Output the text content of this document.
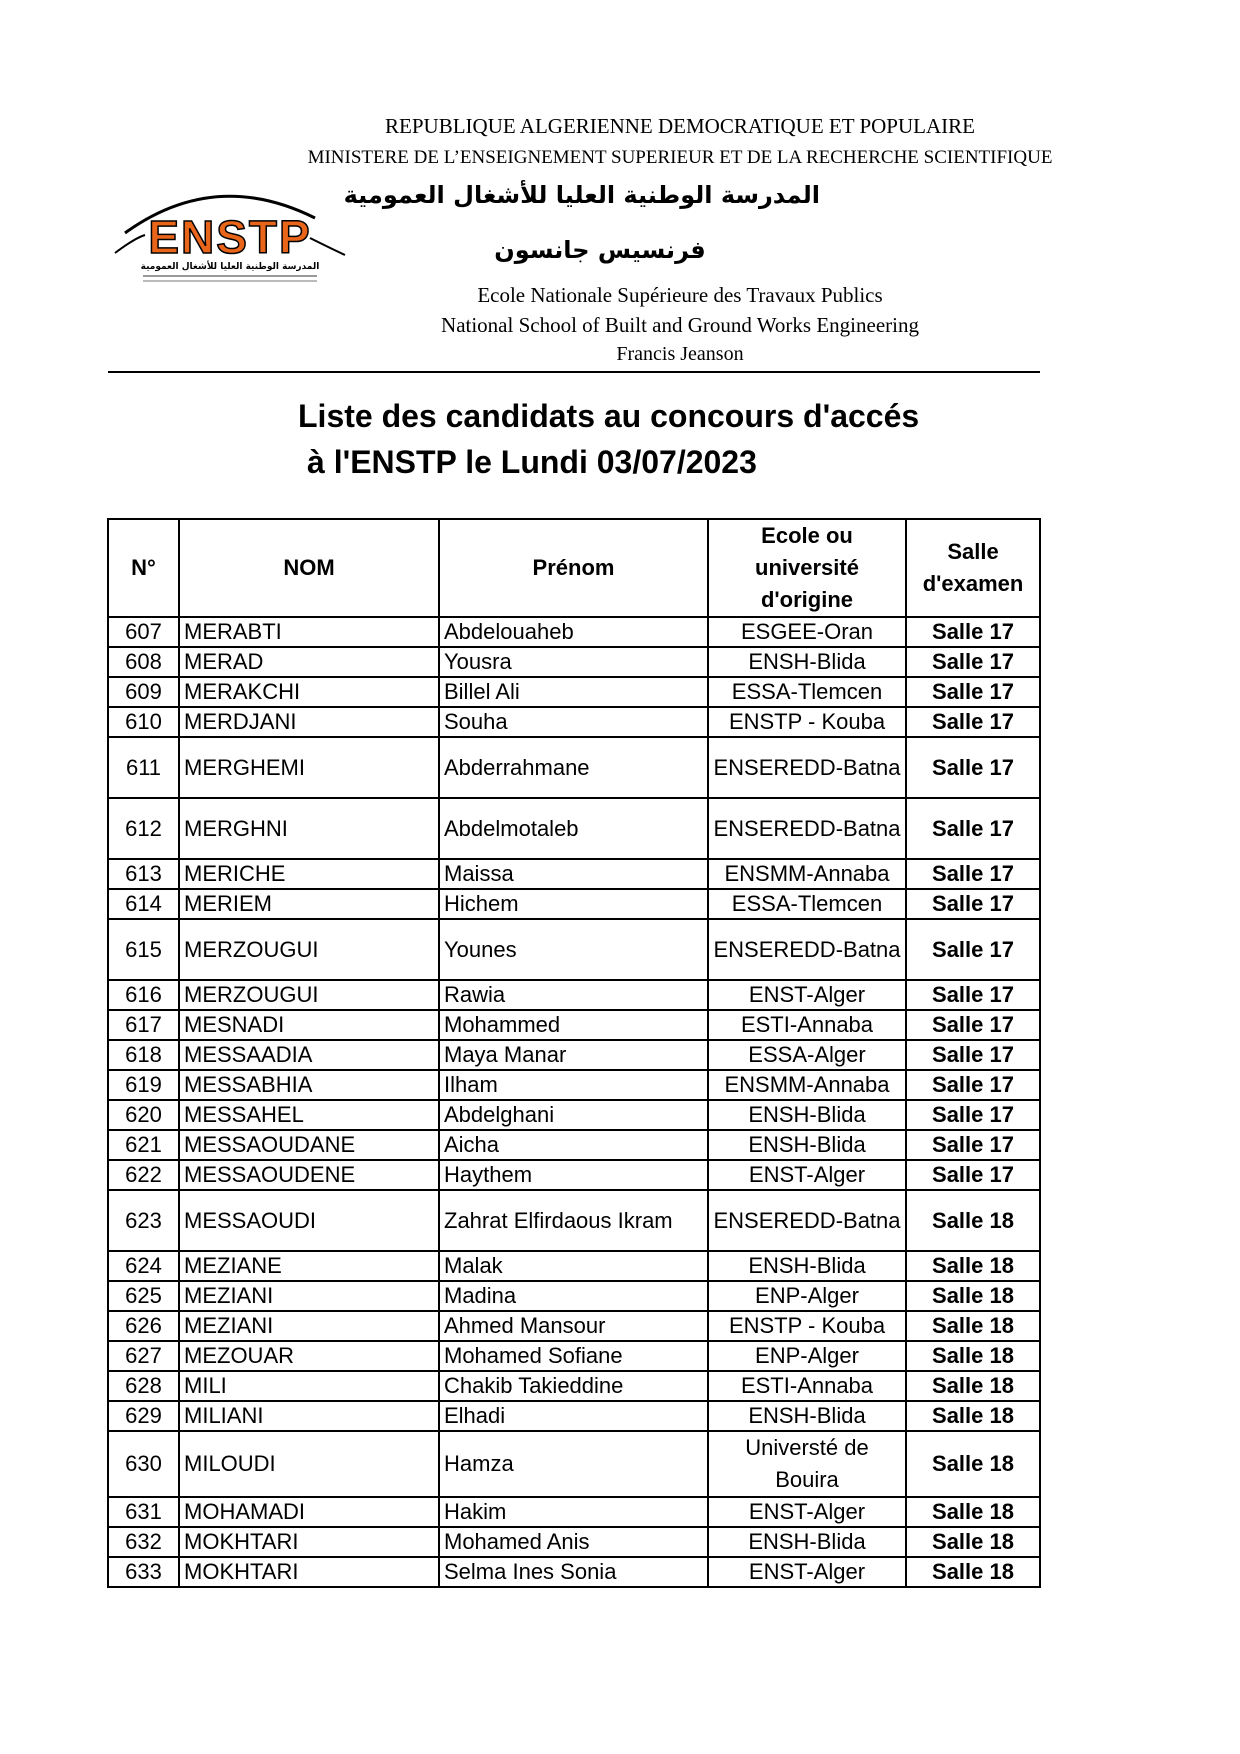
REPUBLIQUE ALGERIENNE DEMOCRATIQUE ET POPULAIRE
MINISTERE DE L’ENSEIGNEMENT SUPERIEUR ET DE LA RECHERCHE SCIENTIFIQUE
المدرسة الوطنية العليا للأشغال العمومية
فرنسيس جانسون
ENSTP
المدرسة الوطنية العليا للأشغال العمومية
Ecole Nationale Supérieure des Travaux Publics
National School of Built and Ground Works Engineering
Francis Jeanson
Liste des candidats au concours d'accés
à l'ENSTP le Lundi 03/07/2023
N°	NOM	Prénom	Ecole ou université d'origine	Salle d'examen
607	MERABTI	Abdelouaheb	ESGEE-Oran	Salle 17
608	MERAD	Yousra	ENSH-Blida	Salle 17
609	MERAKCHI	Billel Ali	ESSA-Tlemcen	Salle 17
610	MERDJANI	Souha	ENSTP - Kouba	Salle 17
611	MERGHEMI	Abderrahmane	ENSEREDD-Batna	Salle 17
612	MERGHNI	Abdelmotaleb	ENSEREDD-Batna	Salle 17
613	MERICHE	Maissa	ENSMM-Annaba	Salle 17
614	MERIEM	Hichem	ESSA-Tlemcen	Salle 17
615	MERZOUGUI	Younes	ENSEREDD-Batna	Salle 17
616	MERZOUGUI	Rawia	ENST-Alger	Salle 17
617	MESNADI	Mohammed	ESTI-Annaba	Salle 17
618	MESSAADIA	Maya Manar	ESSA-Alger	Salle 17
619	MESSABHIA	Ilham	ENSMM-Annaba	Salle 17
620	MESSAHEL	Abdelghani	ENSH-Blida	Salle 17
621	MESSAOUDANE	Aicha	ENSH-Blida	Salle 17
622	MESSAOUDENE	Haythem	ENST-Alger	Salle 17
623	MESSAOUDI	Zahrat Elfirdaous Ikram	ENSEREDD-Batna	Salle 18
624	MEZIANE	Malak	ENSH-Blida	Salle 18
625	MEZIANI	Madina	ENP-Alger	Salle 18
626	MEZIANI	Ahmed Mansour	ENSTP - Kouba	Salle 18
627	MEZOUAR	Mohamed Sofiane	ENP-Alger	Salle 18
628	MILI	Chakib Takieddine	ESTI-Annaba	Salle 18
629	MILIANI	Elhadi	ENSH-Blida	Salle 18
630	MILOUDI	Hamza	Universté de Bouira	Salle 18
631	MOHAMADI	Hakim	ENST-Alger	Salle 18
632	MOKHTARI	Mohamed Anis	ENSH-Blida	Salle 18
633	MOKHTARI	Selma Ines Sonia	ENST-Alger	Salle 18
